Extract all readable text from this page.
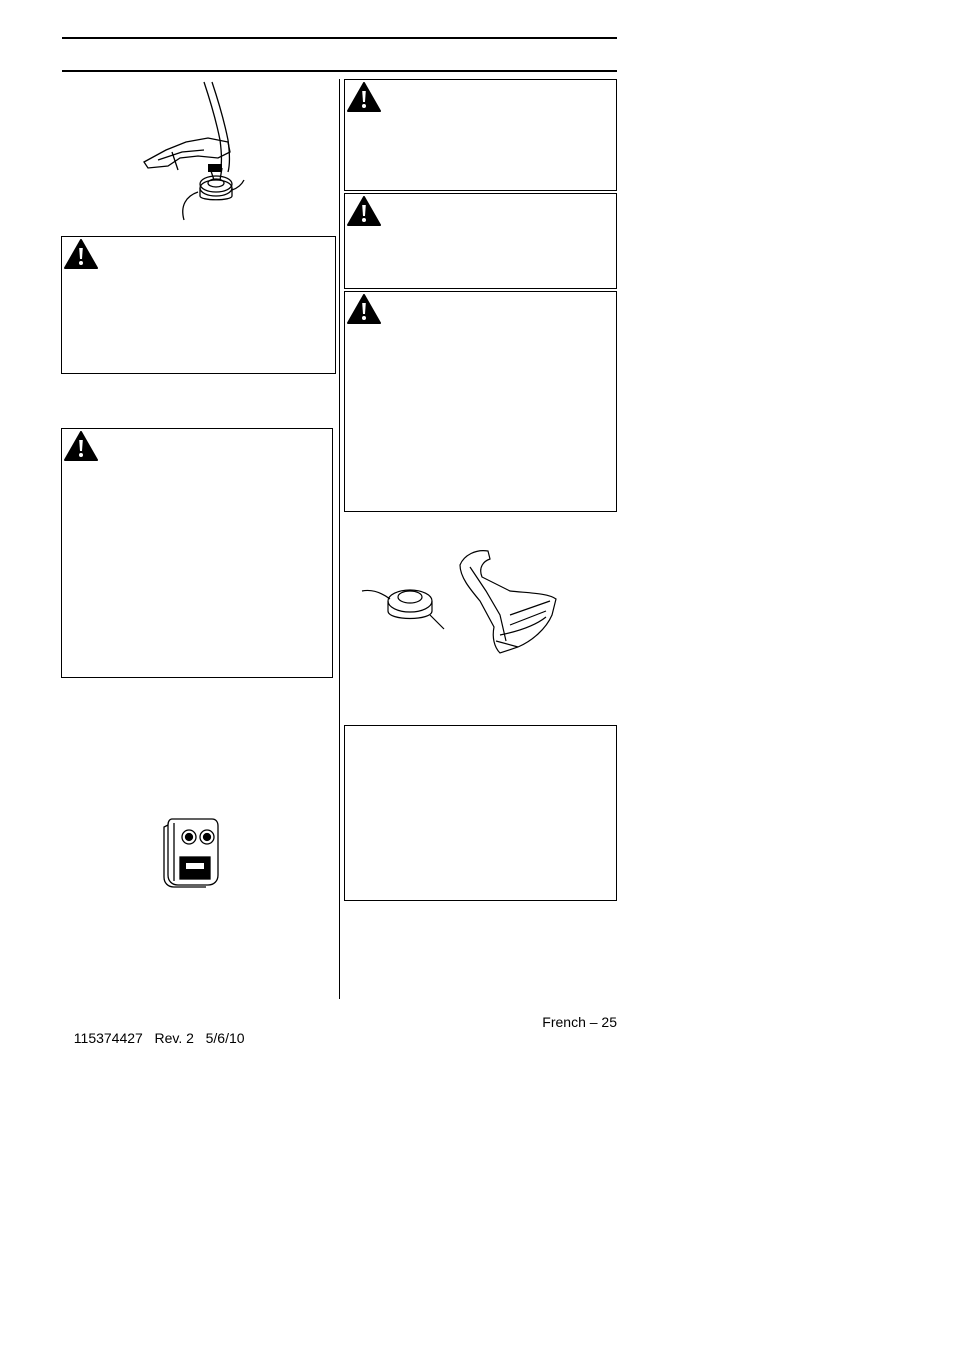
115374427 Rev. 2 5/6/10

French – 25
